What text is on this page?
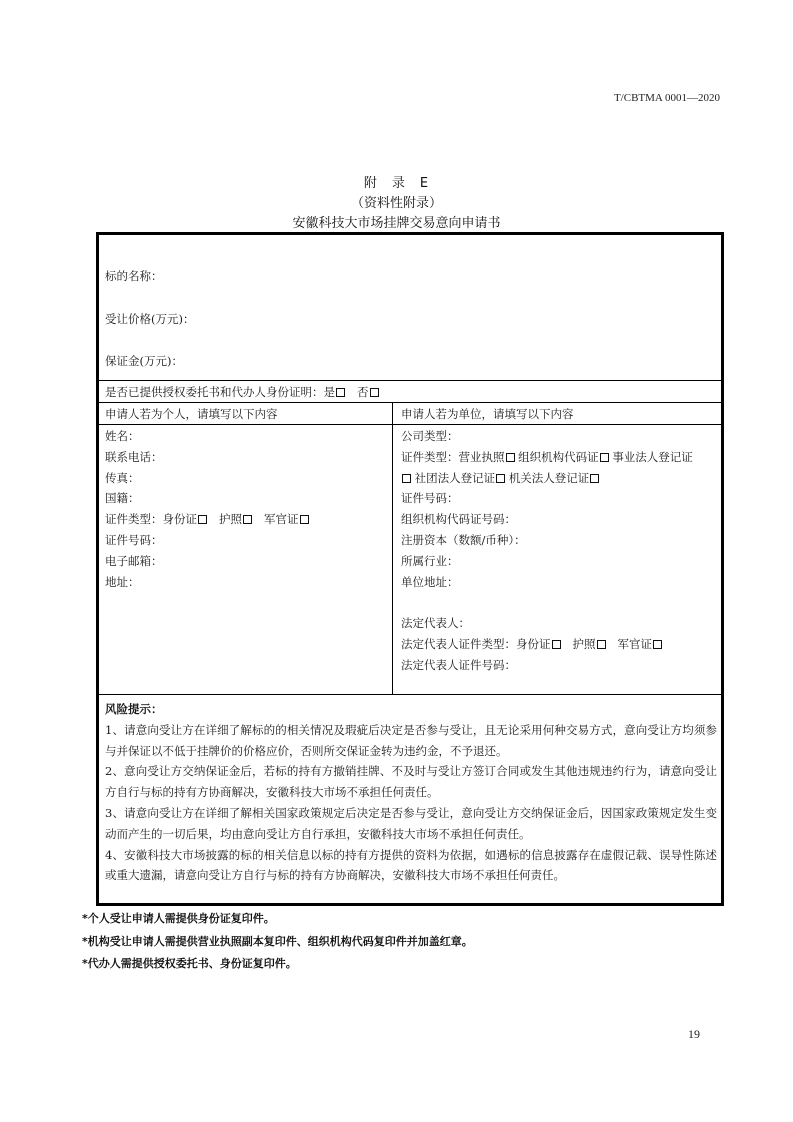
T/CBTMA 0001—2020
附　录　E
（资料性附录）
安徽科技大市场挂牌交易意向申请书
标的名称：
受让价格(万元)：
保证金(万元)：
是否已提供授权委托书和代办人身份证明：是 否
申请人若为个人，请填写以下内容	申请人若为单位，请填写以下内容
姓名：
联系电话：
传真：
国籍：
证件类型：身份证 护照 军官证
证件号码：
电子邮箱：
地址：
公司类型：
证件类型：营业执照 组织机构代码证 事业法人登记证
社团法人登记证 机关法人登记证
证件号码：
组织机构代码证号码：
注册资本（数额/币种）：
所属行业：
单位地址：
法定代表人：
法定代表人证件类型：身份证 护照 军官证
法定代表人证件号码：
风险提示：

1、请意向受让方在详细了解标的的相关情况及瑕疵后决定是否参与受让，且无论采用何种交易方式，意向受让方均须参与并保证以不低于挂牌价的价格应价，否则所交保证金转为违约金，不予退还。

2、意向受让方交纳保证金后，若标的持有方撤销挂牌、不及时与受让方签订合同或发生其他违规违约行为，请意向受让方自行与标的持有方协商解决，安徽科技大市场不承担任何责任。

3、请意向受让方在详细了解相关国家政策规定后决定是否参与受让，意向受让方交纳保证金后，因国家政策规定发生变动而产生的一切后果，均由意向受让方自行承担，安徽科技大市场不承担任何责任。

4、安徽科技大市场披露的标的相关信息以标的持有方提供的资料为依据，如遇标的信息披露存在虚假记载、误导性陈述或重大遗漏，请意向受让方自行与标的持有方协商解决，安徽科技大市场不承担任何责任。

*个人受让申请人需提供身份证复印件。
*机构受让申请人需提供营业执照副本复印件、组织机构代码复印件并加盖红章。
*代办人需提供授权委托书、身份证复印件。
19
